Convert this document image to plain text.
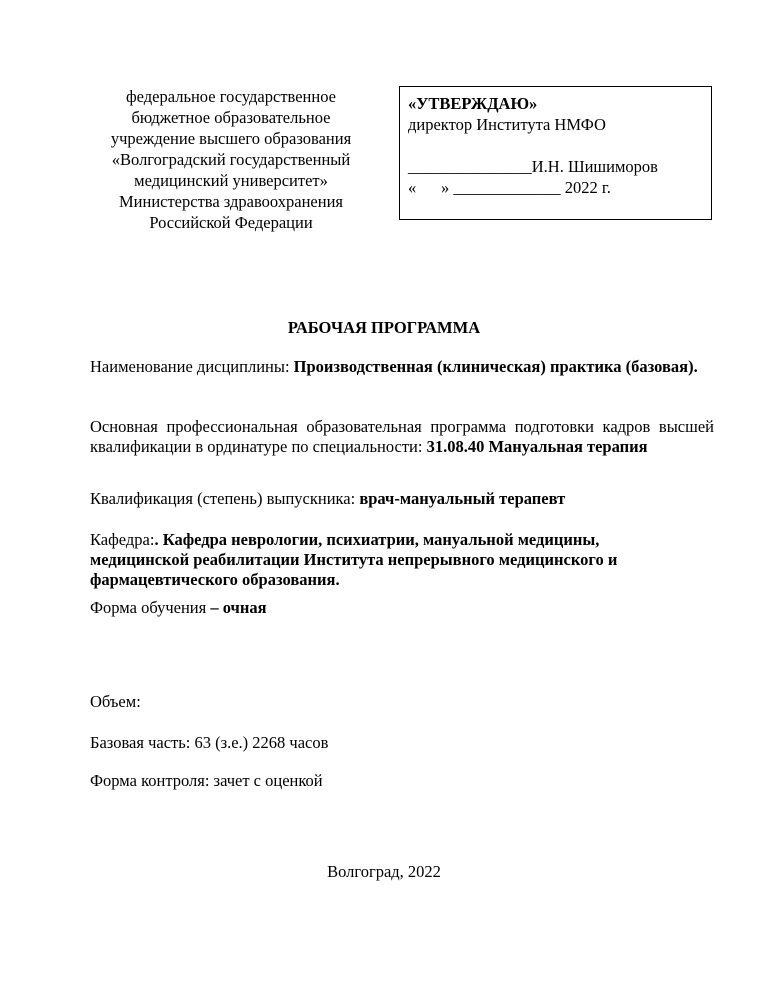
федеральное государственное
бюджетное образовательное
учреждение высшего образования
«Волгоградский государственный
медицинский университет»
Министерства здравоохранения
Российской Федерации
«УТВЕРЖДАЮ»
директор Института НМФО
_______________И.Н. Шишиморов
«      » _____________ 2022 г.
РАБОЧАЯ ПРОГРАММА
Наименование дисциплины: Производственная (клиническая) практика (базовая).
Основная профессиональная образовательная программа подготовки кадров высшей квалификации в ординатуре по специальности: 31.08.40 Мануальная терапия
Квалификация (степень) выпускника: врач-мануальный терапевт
Кафедра:. Кафедра неврологии, психиатрии, мануальной медицины, медицинской реабилитации Института непрерывного медицинского и фармацевтического образования.
Форма обучения – очная
Объем:
Базовая часть: 63 (з.е.) 2268 часов
Форма контроля: зачет с оценкой
Волгоград, 2022
